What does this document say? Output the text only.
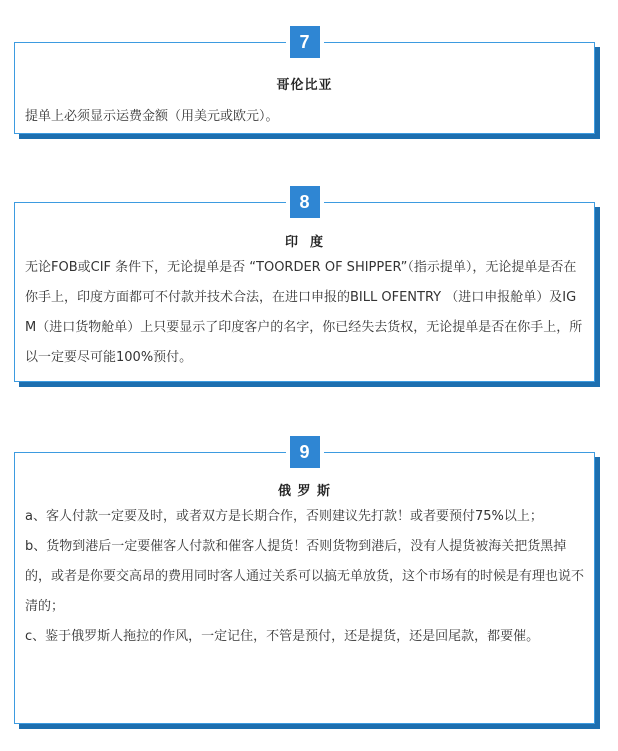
7
哥伦比亚

提单上必须显示运费金额（用美元或欧元）。

8
印  度

无论FOB或CIF 条件下，无论提单是否 “TOORDER OF SHIPPER”（指示提单），无论提单是否在你手上，印度方面都可不付款并技术合法，在进口申报的BILL OFENTRY （进口申报舱单）及IGM（进口货物舱单）上只要显示了印度客户的名字，你已经失去货权，无论提单是否在你手上，所以一定要尽可能100%预付。

9
俄 罗 斯

a、客人付款一定要及时，或者双方是长期合作，否则建议先打款！或者要预付75%以上；

b、货物到港后一定要催客人付款和催客人提货！否则货物到港后，没有人提货被海关把货黑掉的，或者是你要交高昂的费用同时客人通过关系可以搞无单放货，这个市场有的时候是有理也说不清的；

c、鉴于俄罗斯人拖拉的作风，一定记住，不管是预付，还是提货，还是回尾款，都要催。
